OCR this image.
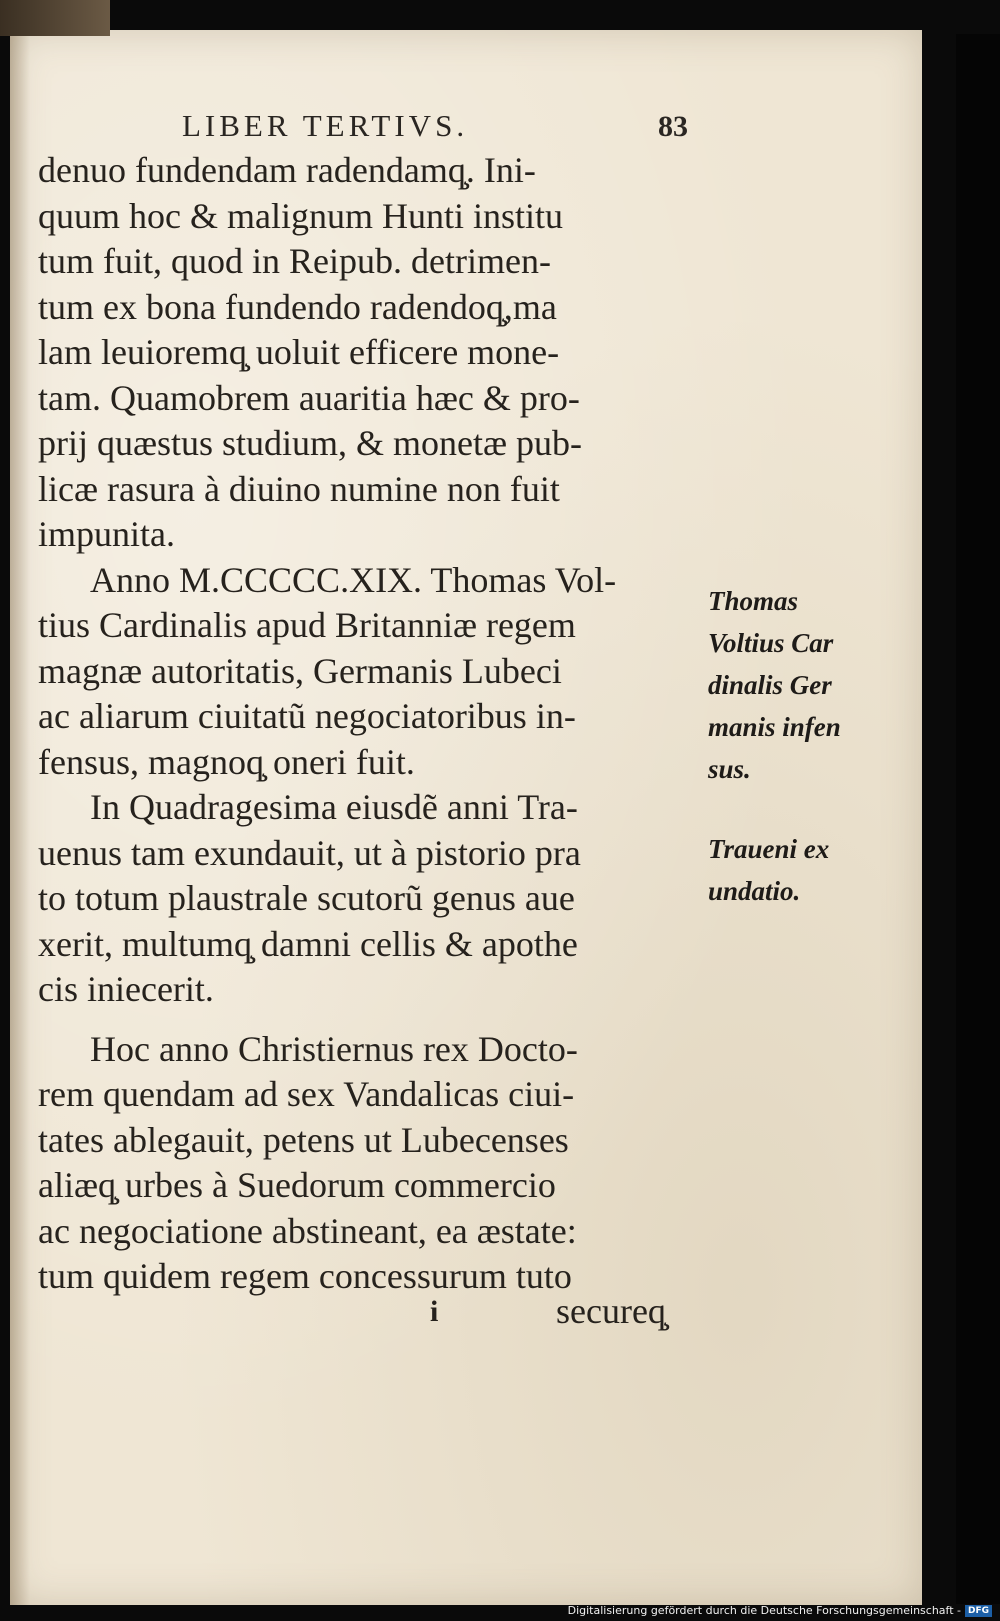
LIBER TERTIVS.	83
denuo fundendam radendamq̧. Ini-
quum hoc & malignum Hunti institu
tum fuit, quod in Reipub. detrimen-
tum ex bona fundendo radendoq̧,ma
lam leuioremq̧ uoluit efficere mone-
tam. Quamobrem auaritia hæc & pro-
prij quæstus studium, & monetæ pub-
licæ rasura à diuino numine non fuit
impunita.
Anno M.CCCCC.XIX. Thomas Vol-
tius Cardinalis apud Britanniæ regem
magnæ autoritatis, Germanis Lubeci
ac aliarum ciuitatũ negociatoribus in-
fensus, magnoq̧ oneri fuit.
In Quadragesima eiusdẽ anni Tra-
uenus tam exundauit, ut à pistorio pra
to totum plaustrale scutorũ genus aue
xerit, multumq̧ damni cellis & apothe
cis iniecerit.
Hoc anno Christiernus rex Docto-
rem quendam ad sex Vandalicas ciui-
tates ablegauit, petens ut Lubecenses
aliæq̧ urbes à Suedorum commercio
ac negociatione abstineant, ea æstate:
tum quidem regem concessurum tuto
Thomas
Voltius Car
dinalis Ger
manis infen
sus.
Traueni ex
undatio.
i	secureq̧
Digitalisierung gefördert durch die Deutsche Forschungsgemeinschaft - DFG
